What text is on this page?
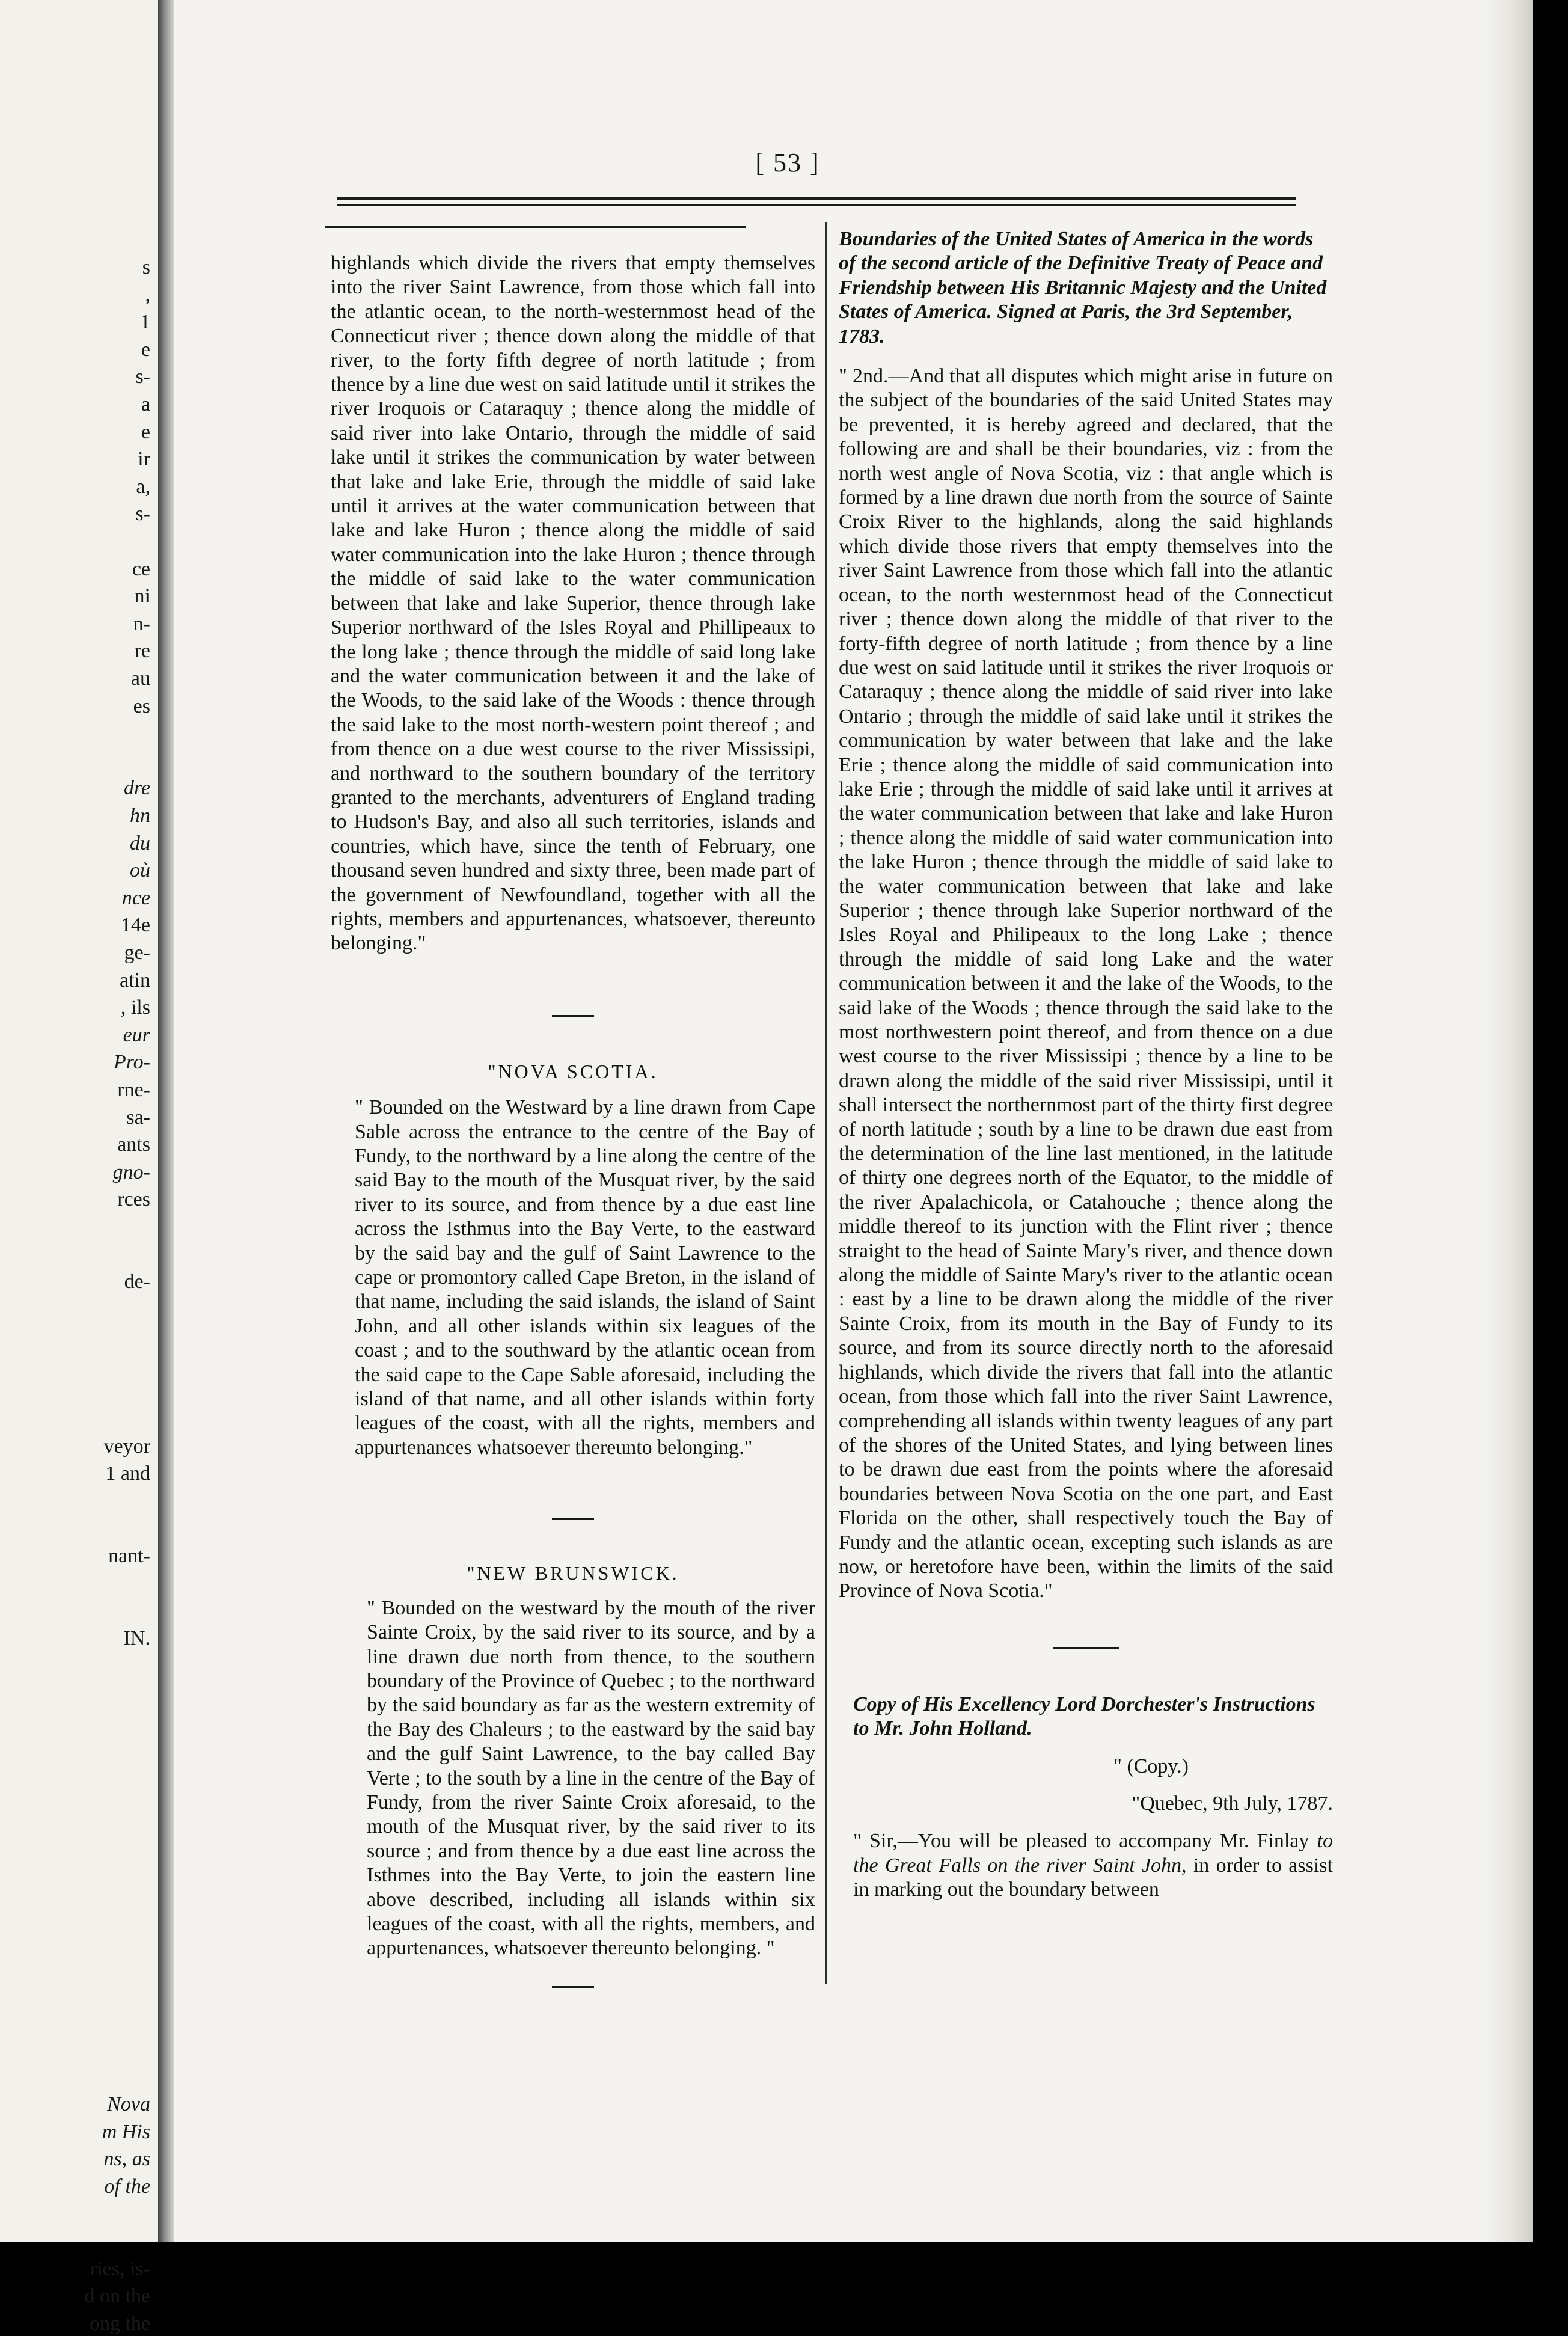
s
,
1
e
s-
a
e
ir
a,
s-
ce
ni
n-
re
au
es
dre
hn
du
où
nce
14e
ge-
atin
, ils
eur
Pro-
rne-
sa-
ants
gno-
rces
de-
veyor
1 and
nant-
IN.
Nova
m His
ns, as
of the
ries, is-
d on the
ong the
[ 53 ]

highlands which divide the rivers that empty themselves into the river Saint Lawrence, from those which fall into the atlantic ocean, to the north-westernmost head of the Connecticut river ; thence down along the middle of that river, to the forty fifth degree of north latitude ; from thence by a line due west on said latitude until it strikes the river Iroquois or Cataraquy ; thence along the middle of said river into lake Ontario, through the middle of said lake until it strikes the communication by water between that lake and lake Erie, through the middle of said lake until it arrives at the water communication between that lake and lake Huron ; thence along the middle of said water communication into the lake Huron ; thence through the middle of said lake to the water communication between that lake and lake Superior, thence through lake Superior northward of the Isles Royal and Phillipeaux to the long lake ; thence through the middle of said long lake and the water communication between it and the lake of the Woods, to the said lake of the Woods : thence through the said lake to the most north-western point thereof ; and from thence on a due west course to the river Mississipi, and northward to the southern boundary of the territory granted to the merchants, adventurers of England trading to Hudson's Bay, and also all such territories, islands and countries, which have, since the tenth of February, one thousand seven hundred and sixty three, been made part of the government of Newfoundland, together with all the rights, members and appurtenances, whatsoever, thereunto belonging."

"NOVA SCOTIA.

" Bounded on the Westward by a line drawn from Cape Sable across the entrance to the centre of the Bay of Fundy, to the northward by a line along the centre of the said Bay to the mouth of the Musquat river, by the said river to its source, and from thence by a due east line across the Isthmus into the Bay Verte, to the eastward by the said bay and the gulf of Saint Lawrence to the cape or promontory called Cape Breton, in the island of that name, including the said islands, the island of Saint John, and all other islands within six leagues of the coast ; and to the southward by the atlantic ocean from the said cape to the Cape Sable aforesaid, including the island of that name, and all other islands within forty leagues of the coast, with all the rights, members and appurtenances whatsoever thereunto belonging."

"NEW BRUNSWICK.

" Bounded on the westward by the mouth of the river Sainte Croix, by the said river to its source, and by a line drawn due north from thence, to the southern boundary of the Province of Quebec ; to the northward by the said boundary as far as the western extremity of the Bay des Chaleurs ; to the eastward by the said bay and the gulf Saint Lawrence, to the bay called Bay Verte ; to the south by a line in the centre of the Bay of Fundy, from the river Sainte Croix aforesaid, to the mouth of the Musquat river, by the said river to its source ; and from thence by a due east line across the Isthmes into the Bay Verte, to join the eastern line above described, including all islands within six leagues of the coast, with all the rights, members, and appurtenances, whatsoever thereunto belonging. "

Boundaries of the United States of America in the words of the second article of the Definitive Treaty of Peace and Friendship between His Britannic Majesty and the United States of America. Signed at Paris, the 3rd September, 1783.

" 2nd.—And that all disputes which might arise in future on the subject of the boundaries of the said United States may be prevented, it is hereby agreed and declared, that the following are and shall be their boundaries, viz : from the north west angle of Nova Scotia, viz : that angle which is formed by a line drawn due north from the source of Sainte Croix River to the highlands, along the said highlands which divide those rivers that empty themselves into the river Saint Lawrence from those which fall into the atlantic ocean, to the north westernmost head of the Connecticut river ; thence down along the middle of that river to the forty-fifth degree of north latitude ; from thence by a line due west on said latitude until it strikes the river Iroquois or Cataraquy ; thence along the middle of said river into lake Ontario ; through the middle of said lake until it strikes the communication by water between that lake and the lake Erie ; thence along the middle of said communication into lake Erie ; through the middle of said lake until it arrives at the water communication between that lake and lake Huron ; thence along the middle of said water communication into the lake Huron ; thence through the middle of said lake to the water communication between that lake and lake Superior ; thence through lake Superior northward of the Isles Royal and Philipeaux to the long Lake ; thence through the middle of said long Lake and the water communication between it and the lake of the Woods, to the said lake of the Woods ; thence through the said lake to the most northwestern point thereof, and from thence on a due west course to the river Mississipi ; thence by a line to be drawn along the middle of the said river Mississipi, until it shall intersect the northernmost part of the thirty first degree of north latitude ; south by a line to be drawn due east from the determination of the line last mentioned, in the latitude of thirty one degrees north of the Equator, to the middle of the river Apalachicola, or Catahouche ; thence along the middle thereof to its junction with the Flint river ; thence straight to the head of Sainte Mary's river, and thence down along the middle of Sainte Mary's river to the atlantic ocean : east by a line to be drawn along the middle of the river Sainte Croix, from its mouth in the Bay of Fundy to its source, and from its source directly north to the aforesaid highlands, which divide the rivers that fall into the atlantic ocean, from those which fall into the river Saint Lawrence, comprehending all islands within twenty leagues of any part of the shores of the United States, and lying between lines to be drawn due east from the points where the aforesaid boundaries between Nova Scotia on the one part, and East Florida on the other, shall respectively touch the Bay of Fundy and the atlantic ocean, excepting such islands as are now, or heretofore have been, within the limits of the said Province of Nova Scotia."

Copy of His Excellency Lord Dorchester's Instructions to Mr. John Holland.

" (Copy.)

"Quebec, 9th July, 1787.

" Sir,—You will be pleased to accompany Mr. Finlay to the Great Falls on the river Saint John, in order to assist in marking out the boundary between
